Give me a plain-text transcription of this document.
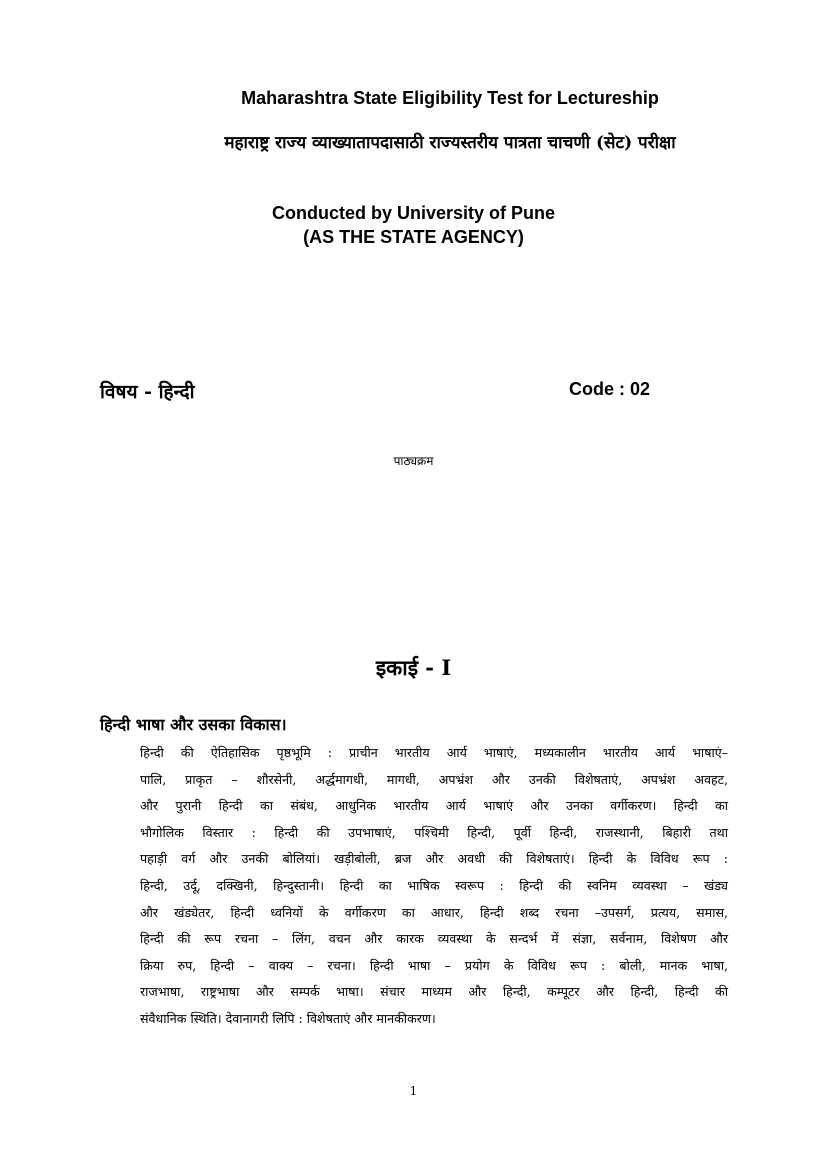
Maharashtra State Eligibility Test for Lectureship
महाराष्ट्र राज्य व्याख्यातापदासाठी राज्यस्तरीय पात्रता चाचणी (सेट) परीक्षा
Conducted by University of Pune
(AS THE STATE AGENCY)
विषय - हिन्दी	Code : 02
पाठ्यक्रम
इकाई - I
हिन्दी भाषा और उसका विकास।
हिन्दी की ऐतिहासिक पृष्ठभूमि : प्राचीन भारतीय आर्य भाषाएं, मध्यकालीन भारतीय आर्य भाषाएं–
पालि, प्राकृत – शौरसेनी, अर्द्धमागधी, मागधी, अपभ्रंश और उनकी विशेषताएं, अपभ्रंश अवहट,
और पुरानी हिन्दी का संबंध, आधुनिक भारतीय आर्य भाषाएं और उनका वर्गीकरण। हिन्दी का
भौगोलिक विस्तार : हिन्दी की उपभाषाएं, पश्चिमी हिन्दी, पूर्वी हिन्दी, राजस्थानी, बिहारी तथा
पहाड़ी वर्ग और उनकी बोलियां। खड़ीबोली, ब्रज और अवधी की विशेषताएं। हिन्दी के विविध रूप :
हिन्दी, उर्दू, दक्खिनी, हिन्दुस्तानी। हिन्दी का भाषिक स्वरूप : हिन्दी की स्वनिम व्यवस्था – खंड्य
और खंड्येतर, हिन्दी ध्वनियों के वर्गीकरण का आधार, हिन्दी शब्द रचना –उपसर्ग, प्रत्यय, समास,
हिन्दी की रूप रचना – लिंग, वचन और कारक व्यवस्था के सन्दर्भ में संज्ञा, सर्वनाम, विशेषण और
क्रिया रुप, हिन्दी – वाक्य – रचना। हिन्दी भाषा – प्रयोग के विविध रूप : बोली, मानक भाषा,
राजभाषा, राष्ट्रभाषा और सम्पर्क भाषा। संचार माध्यम और हिन्दी, कम्पूटर और हिन्दी, हिन्दी की
संवैधानिक स्थिति। देवानागरी लिपि : विशेषताएं और मानकीकरण।
1
